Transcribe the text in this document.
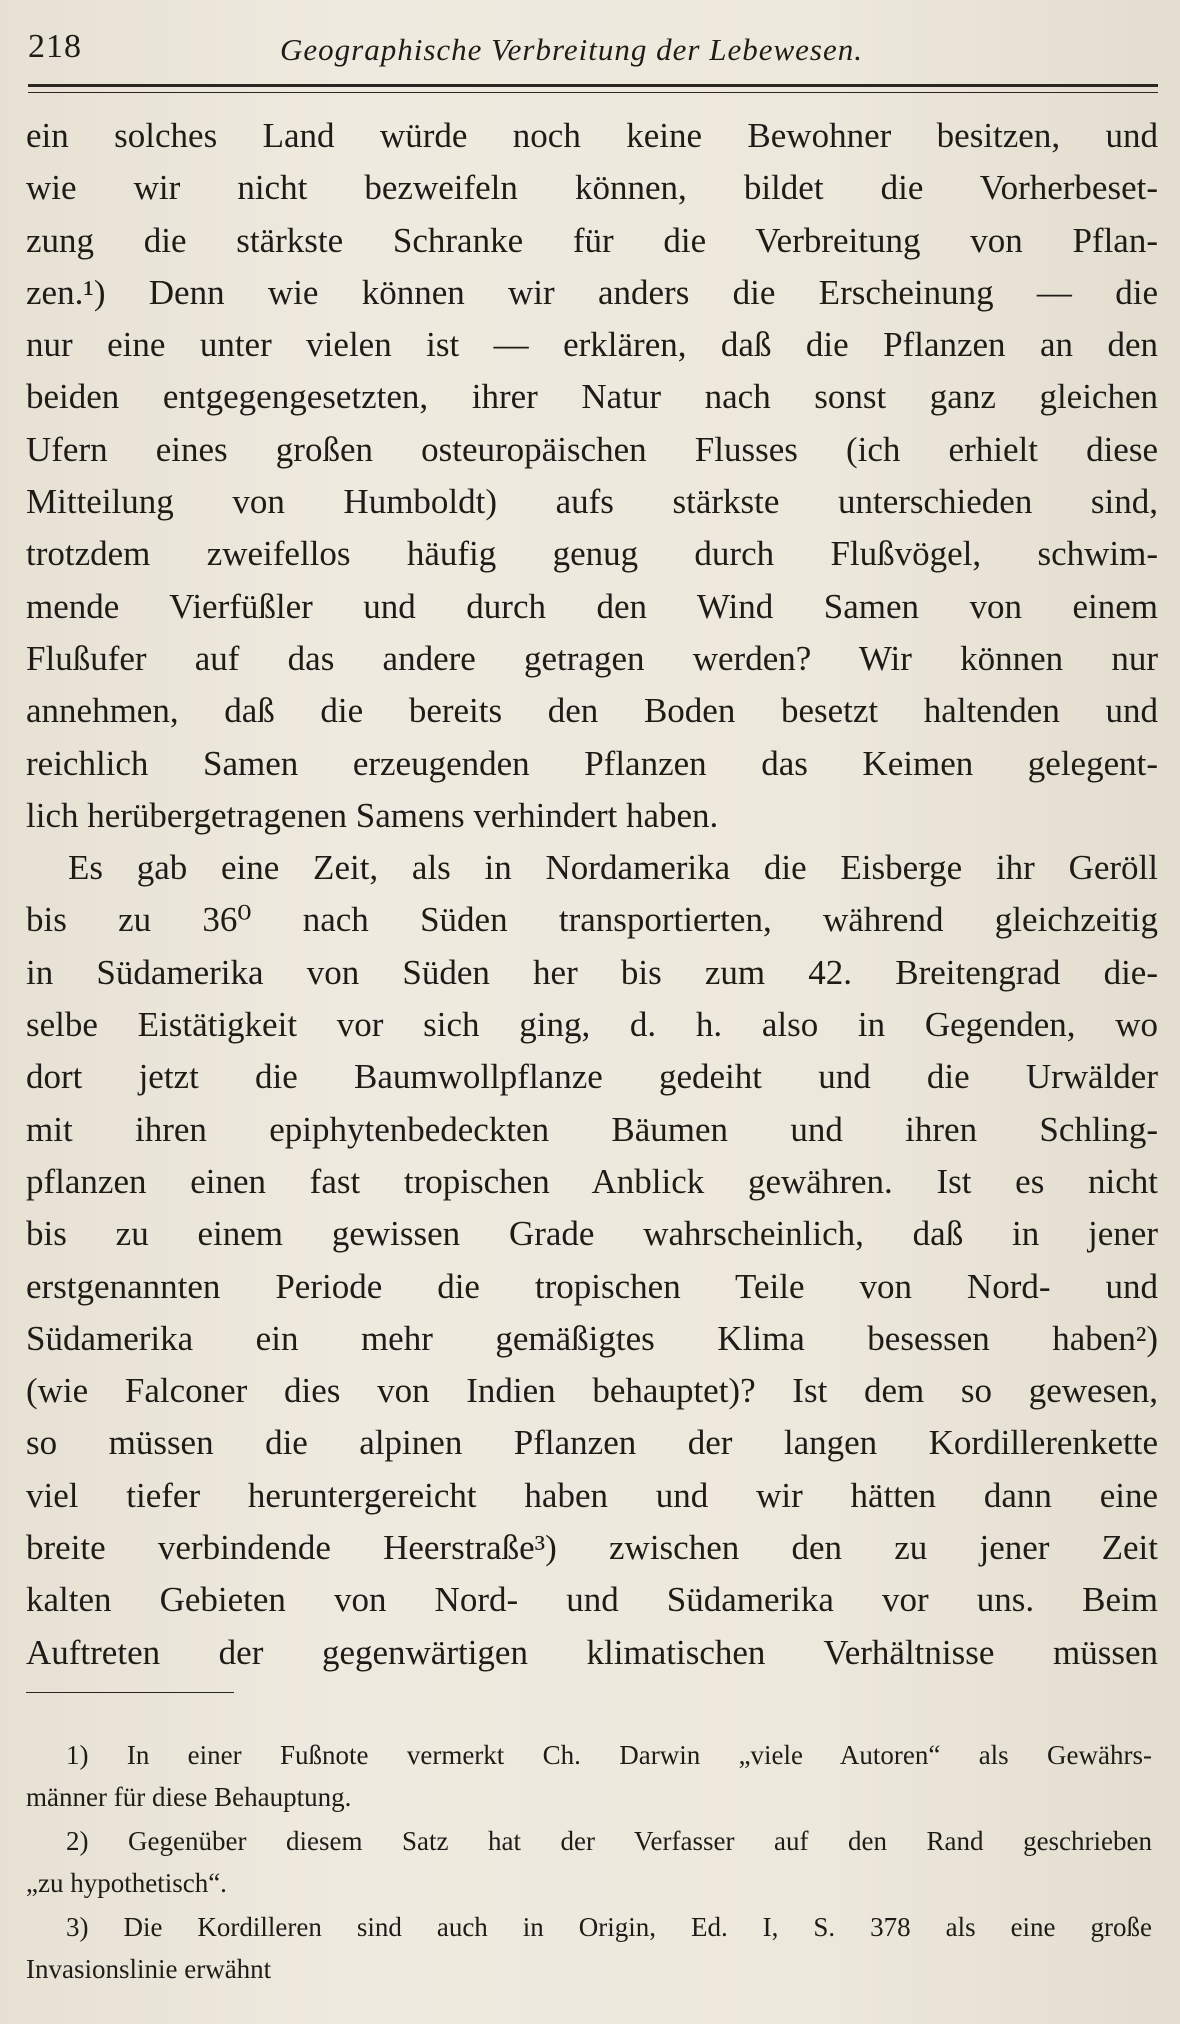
218	Geographische Verbreitung der Lebewesen.
ein solches Land würde noch keine Bewohner besitzen, und
wie wir nicht bezweifeln können, bildet die Vorherbeset-
zung die stärkste Schranke für die Verbreitung von Pflan-
zen.¹) Denn wie können wir anders die Erscheinung — die
nur eine unter vielen ist — erklären, daß die Pflanzen an den
beiden entgegengesetzten, ihrer Natur nach sonst ganz gleichen
Ufern eines großen osteuropäischen Flusses (ich erhielt diese
Mitteilung von Humboldt) aufs stärkste unterschieden sind,
trotzdem zweifellos häufig genug durch Flußvögel, schwim-
mende Vierfüßler und durch den Wind Samen von einem
Flußufer auf das andere getragen werden? Wir können nur
annehmen, daß die bereits den Boden besetzt haltenden und
reichlich Samen erzeugenden Pflanzen das Keimen gelegent-
lich herübergetragenen Samens verhindert haben.
Es gab eine Zeit, als in Nordamerika die Eisberge ihr Geröll
bis zu 36⁰ nach Süden transportierten, während gleichzeitig
in Südamerika von Süden her bis zum 42. Breitengrad die-
selbe Eistätigkeit vor sich ging, d. h. also in Gegenden, wo
dort jetzt die Baumwollpflanze gedeiht und die Urwälder
mit ihren epiphytenbedeckten Bäumen und ihren Schling-
pflanzen einen fast tropischen Anblick gewähren. Ist es nicht
bis zu einem gewissen Grade wahrscheinlich, daß in jener
erstgenannten Periode die tropischen Teile von Nord- und
Südamerika ein mehr gemäßigtes Klima besessen haben²)
(wie Falconer dies von Indien behauptet)? Ist dem so gewesen,
so müssen die alpinen Pflanzen der langen Kordillerenkette
viel tiefer heruntergereicht haben und wir hätten dann eine
breite verbindende Heerstraße³) zwischen den zu jener Zeit
kalten Gebieten von Nord- und Südamerika vor uns. Beim
Auftreten der gegenwärtigen klimatischen Verhältnisse müssen
1) In einer Fußnote vermerkt Ch. Darwin „viele Autoren“ als Gewährs-
männer für diese Behauptung.
2) Gegenüber diesem Satz hat der Verfasser auf den Rand geschrieben
„zu hypothetisch“.
3) Die Kordilleren sind auch in Origin, Ed. I, S. 378 als eine große
Invasionslinie erwähnt
